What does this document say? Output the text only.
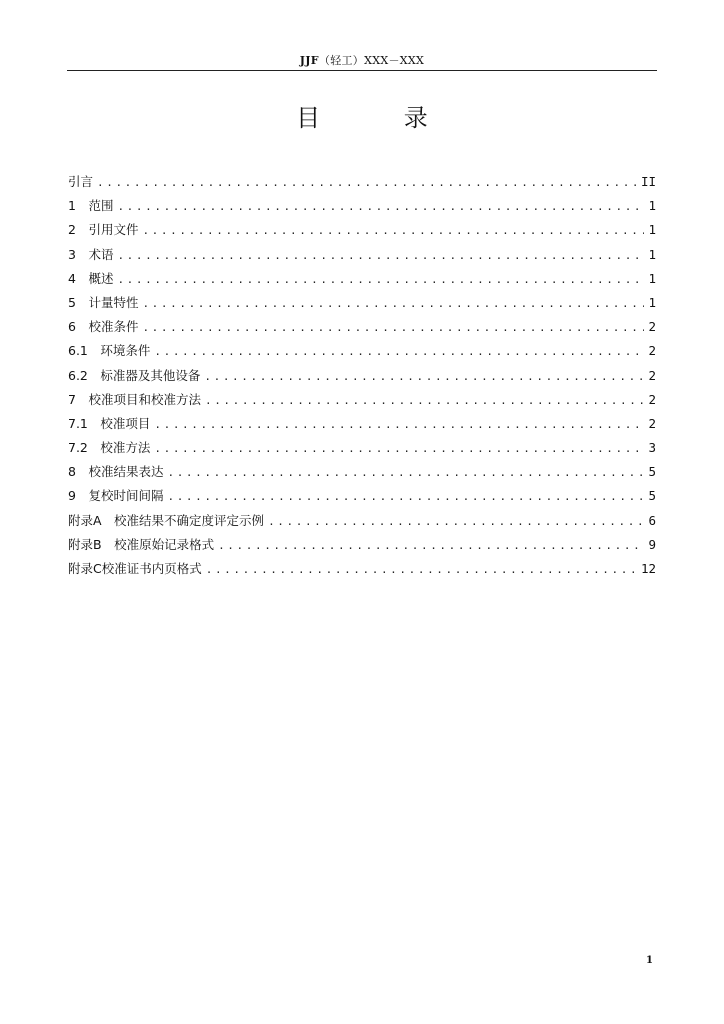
JJF（轻工）XXX－XXX
目 录
引言 .....	II
1　范围 .....	1
2　引用文件 .....	1
3　术语 .....	1
4　概述 .....	1
5　计量特性 .....	1
6　校准条件 .....	2
6.1　环境条件 .....	2
6.2　标准器及其他设备 .....	2
7　校准项目和校准方法 .....	2
7.1　校准项目 .....	2
7.2　校准方法 .....	3
8　校准结果表达 .....	5
9　复校时间间隔 .....	5
附录A　校准结果不确定度评定示例 .....	6
附录B　校准原始记录格式 .....	9
附录C校准证书内页格式 .....	12
1
